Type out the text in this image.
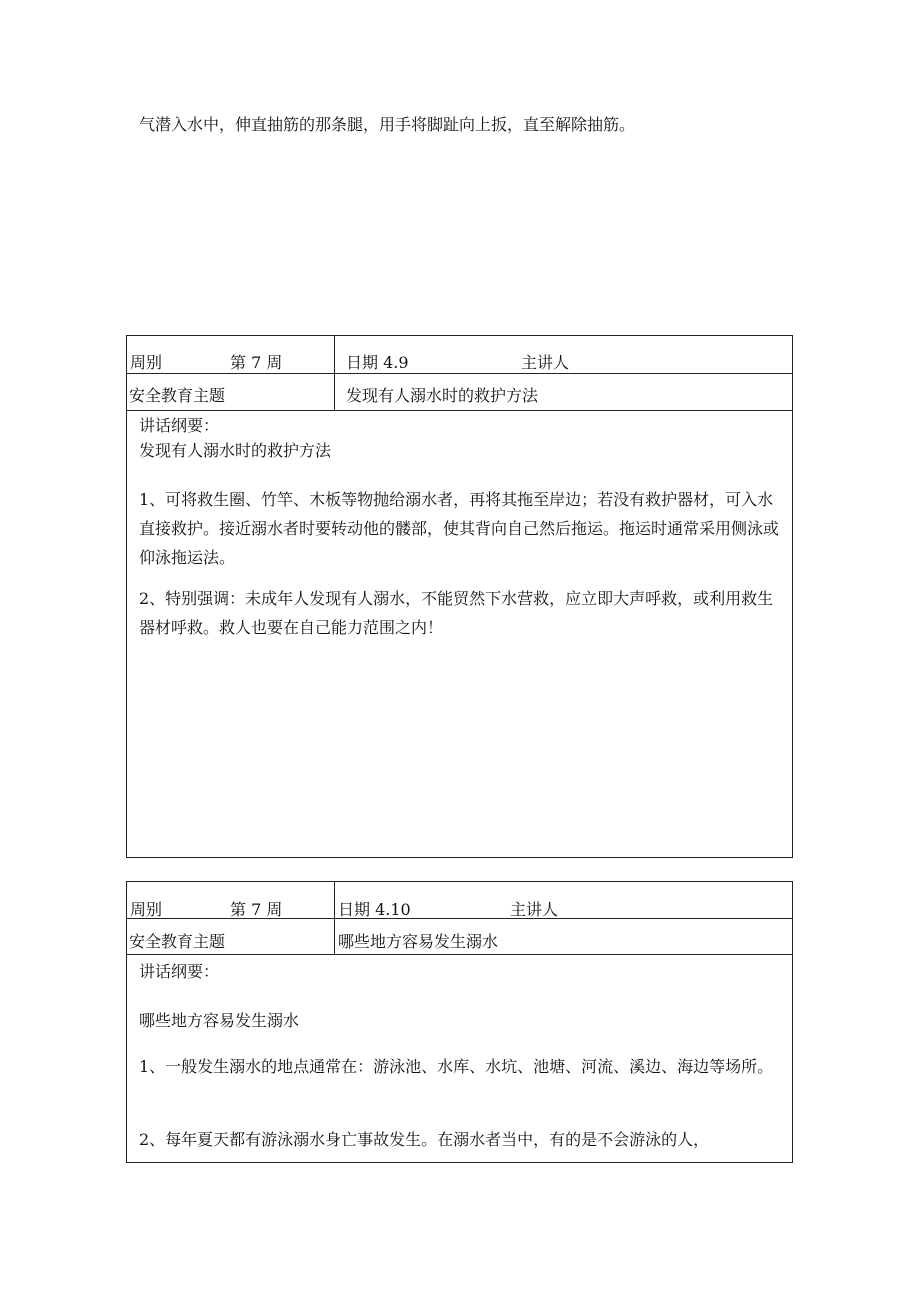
气潜入水中，伸直抽筋的那条腿，用手将脚趾向上扳，直至解除抽筋。
周别	第 7 周	日期 4.9	主讲人
安全教育主题	发现有人溺水时的救护方法
讲话纲要：
发现有人溺水时的救护方法
1、可将救生圈、竹竿、木板等物抛给溺水者，再将其拖至岸边；若没有救护器材，可入水直接救护。接近溺水者时要转动他的髅部，使其背向自己然后拖运。拖运时通常采用侧泳或仰泳拖运法。
2、特别强调：未成年人发现有人溺水，不能贸然下水营救，应立即大声呼救，或利用救生器材呼救。救人也要在自己能力范围之内！
周别	第 7 周	日期 4.10	主讲人
安全教育主题	哪些地方容易发生溺水
讲话纲要：
哪些地方容易发生溺水
1、一般发生溺水的地点通常在：游泳池、水库、水坑、池塘、河流、溪边、海边等场所。
2、每年夏天都有游泳溺水身亡事故发生。在溺水者当中，有的是不会游泳的人，
